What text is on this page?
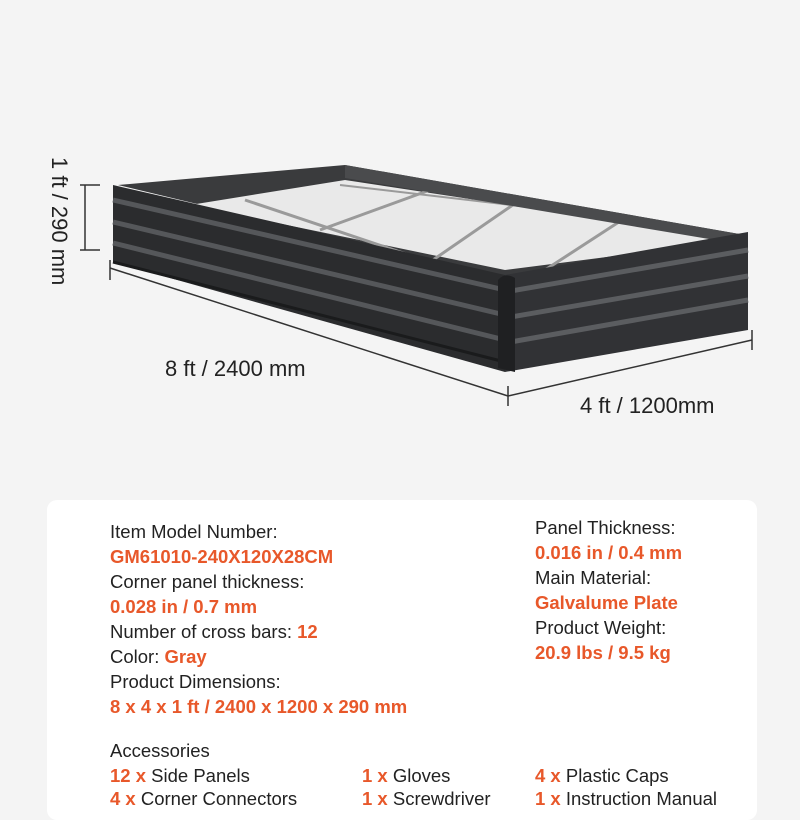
1 ft / 290 mm
8 ft / 2400 mm
4 ft / 1200mm
Item Model Number:
GM61010-240X120X28CM
Corner panel thickness:
0.028 in / 0.7 mm
Number of cross bars: 12
Color: Gray
Product Dimensions:
8 x 4 x 1 ft / 2400 x 1200 x 290 mm
Panel Thickness:
0.016 in / 0.4 mm
Main Material:
Galvalume Plate
Product Weight:
20.9 lbs / 9.5 kg
Accessories
12 x Side Panels	1 x Gloves	4 x Plastic Caps
4 x Corner Connectors	1 x Screwdriver 1 x Instruction Manual
